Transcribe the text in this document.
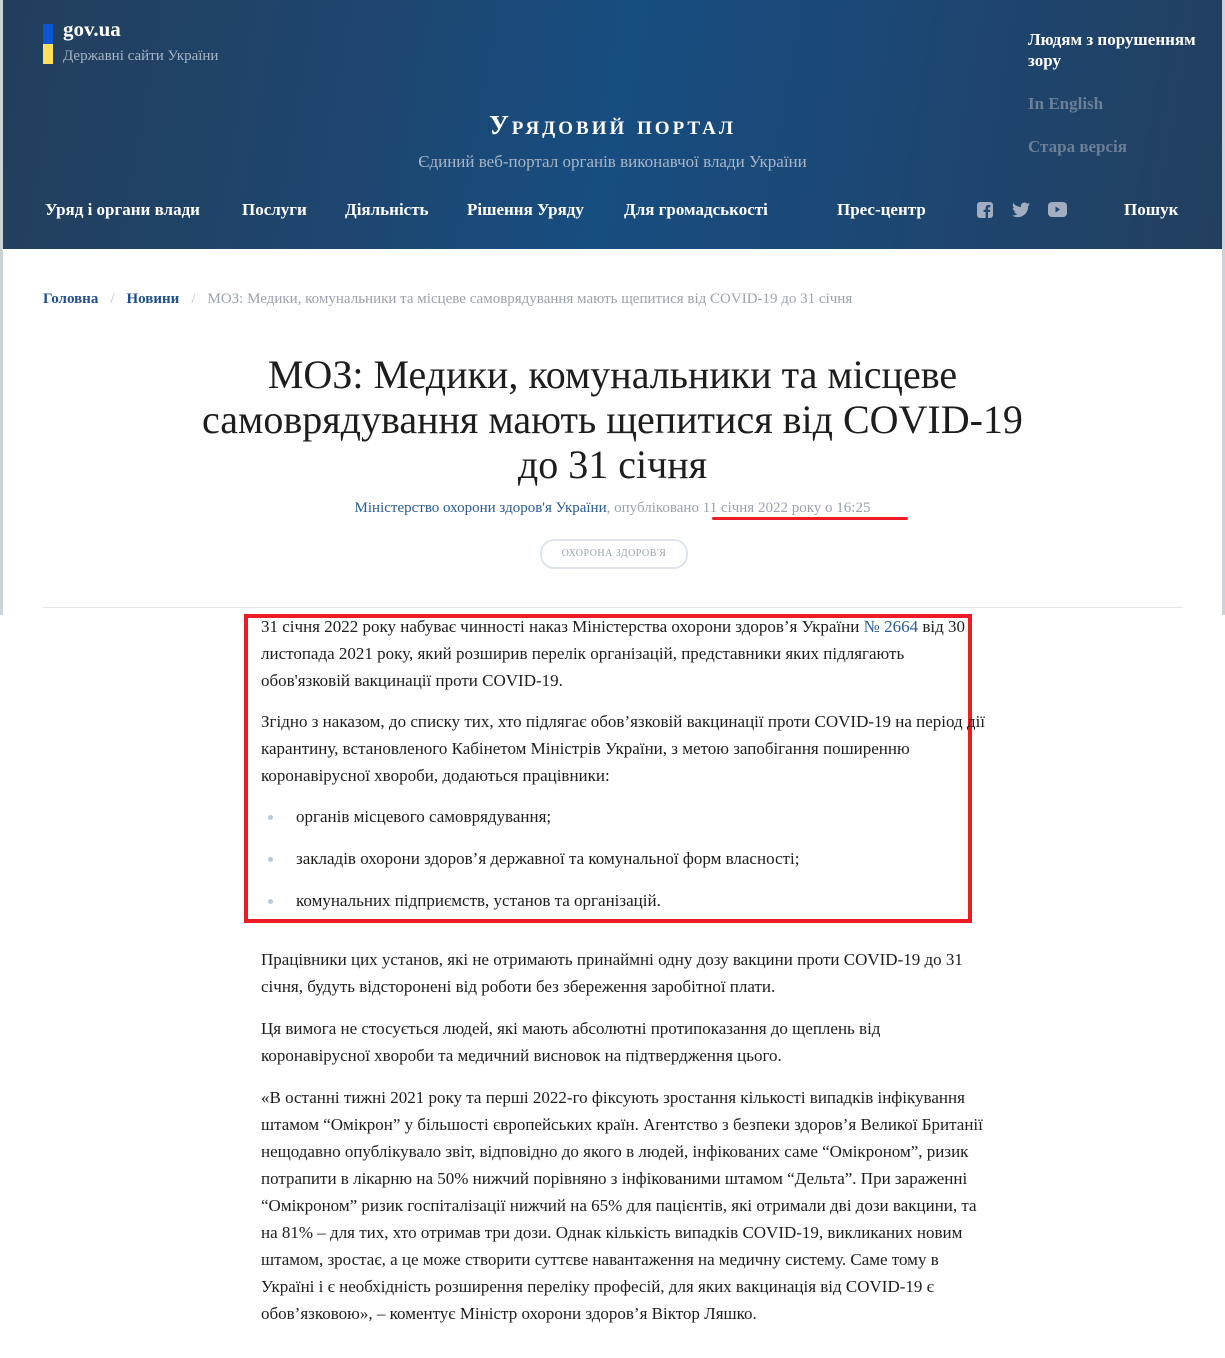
gov.ua
Державні сайти України
Урядовий портал
Єдиний веб-портал органів виконавчої влади України
Людям з порушенням зору
In English
Стара версія
Уряд і органи влади Послуги Діяльність Рішення Уряду Для громадськості	Прес-центр	Пошук
Головна / Новини / МОЗ: Медики, комунальники та місцеве самоврядування мають щепитися від COVID-19 до 31 січня
МОЗ: Медики, комунальники та місцеве самоврядування мають щепитися від COVID-19 до 31 січня
Міністерство охорони здоров'я України, опубліковано 11 січня 2022 року о 16:25
ОХОРОНА ЗДОРОВ'Я

31 січня 2022 року набуває чинності наказ Міністерства охорони здоров’я України № 2664 від 30 листопада 2021 року, який розширив перелік організацій, представники яких підлягають обов'язковій вакцинації проти COVID-19.

Згідно з наказом, до списку тих, хто підлягає обов’язковій вакцинації проти COVID-19 на період дії карантину, встановленого Кабінетом Міністрів України, з метою запобігання поширенню коронавірусної хвороби, додаються працівники:

органів місцевого самоврядування;
закладів охорони здоров’я державної та комунальної форм власності;
комунальних підприємств, установ та організацій.

Працівники цих установ, які не отримають принаймні одну дозу вакцини проти COVID-19 до 31 січня, будуть відсторонені від роботи без збереження заробітної плати.

Ця вимога не стосується людей, які мають абсолютні протипоказання до щеплень від коронавірусної хвороби та медичний висновок на підтвердження цього.

«В останні тижні 2021 року та перші 2022-го фіксують зростання кількості випадків інфікування штамом “Омікрон” у більшості європейських країн. Агентство з безпеки здоров’я Великої Британії нещодавно опублікувало звіт, відповідно до якого в людей, інфікованих саме “Омікроном”, ризик потрапити в лікарню на 50% нижчий порівняно з інфікованими штамом “Дельта”. При зараженні “Омікроном” ризик госпіталізації нижчий на 65% для пацієнтів, які отримали дві дози вакцини, та на 81% – для тих, хто отримав три дози. Однак кількість випадків COVID-19, викликаних новим штамом, зростає, а це може створити суттєве навантаження на медичну систему. Саме тому в Україні і є необхідність розширення переліку професій, для яких вакцинація від COVID-19 є обов’язковою», – коментує Міністр охорони здоров’я Віктор Ляшко.
